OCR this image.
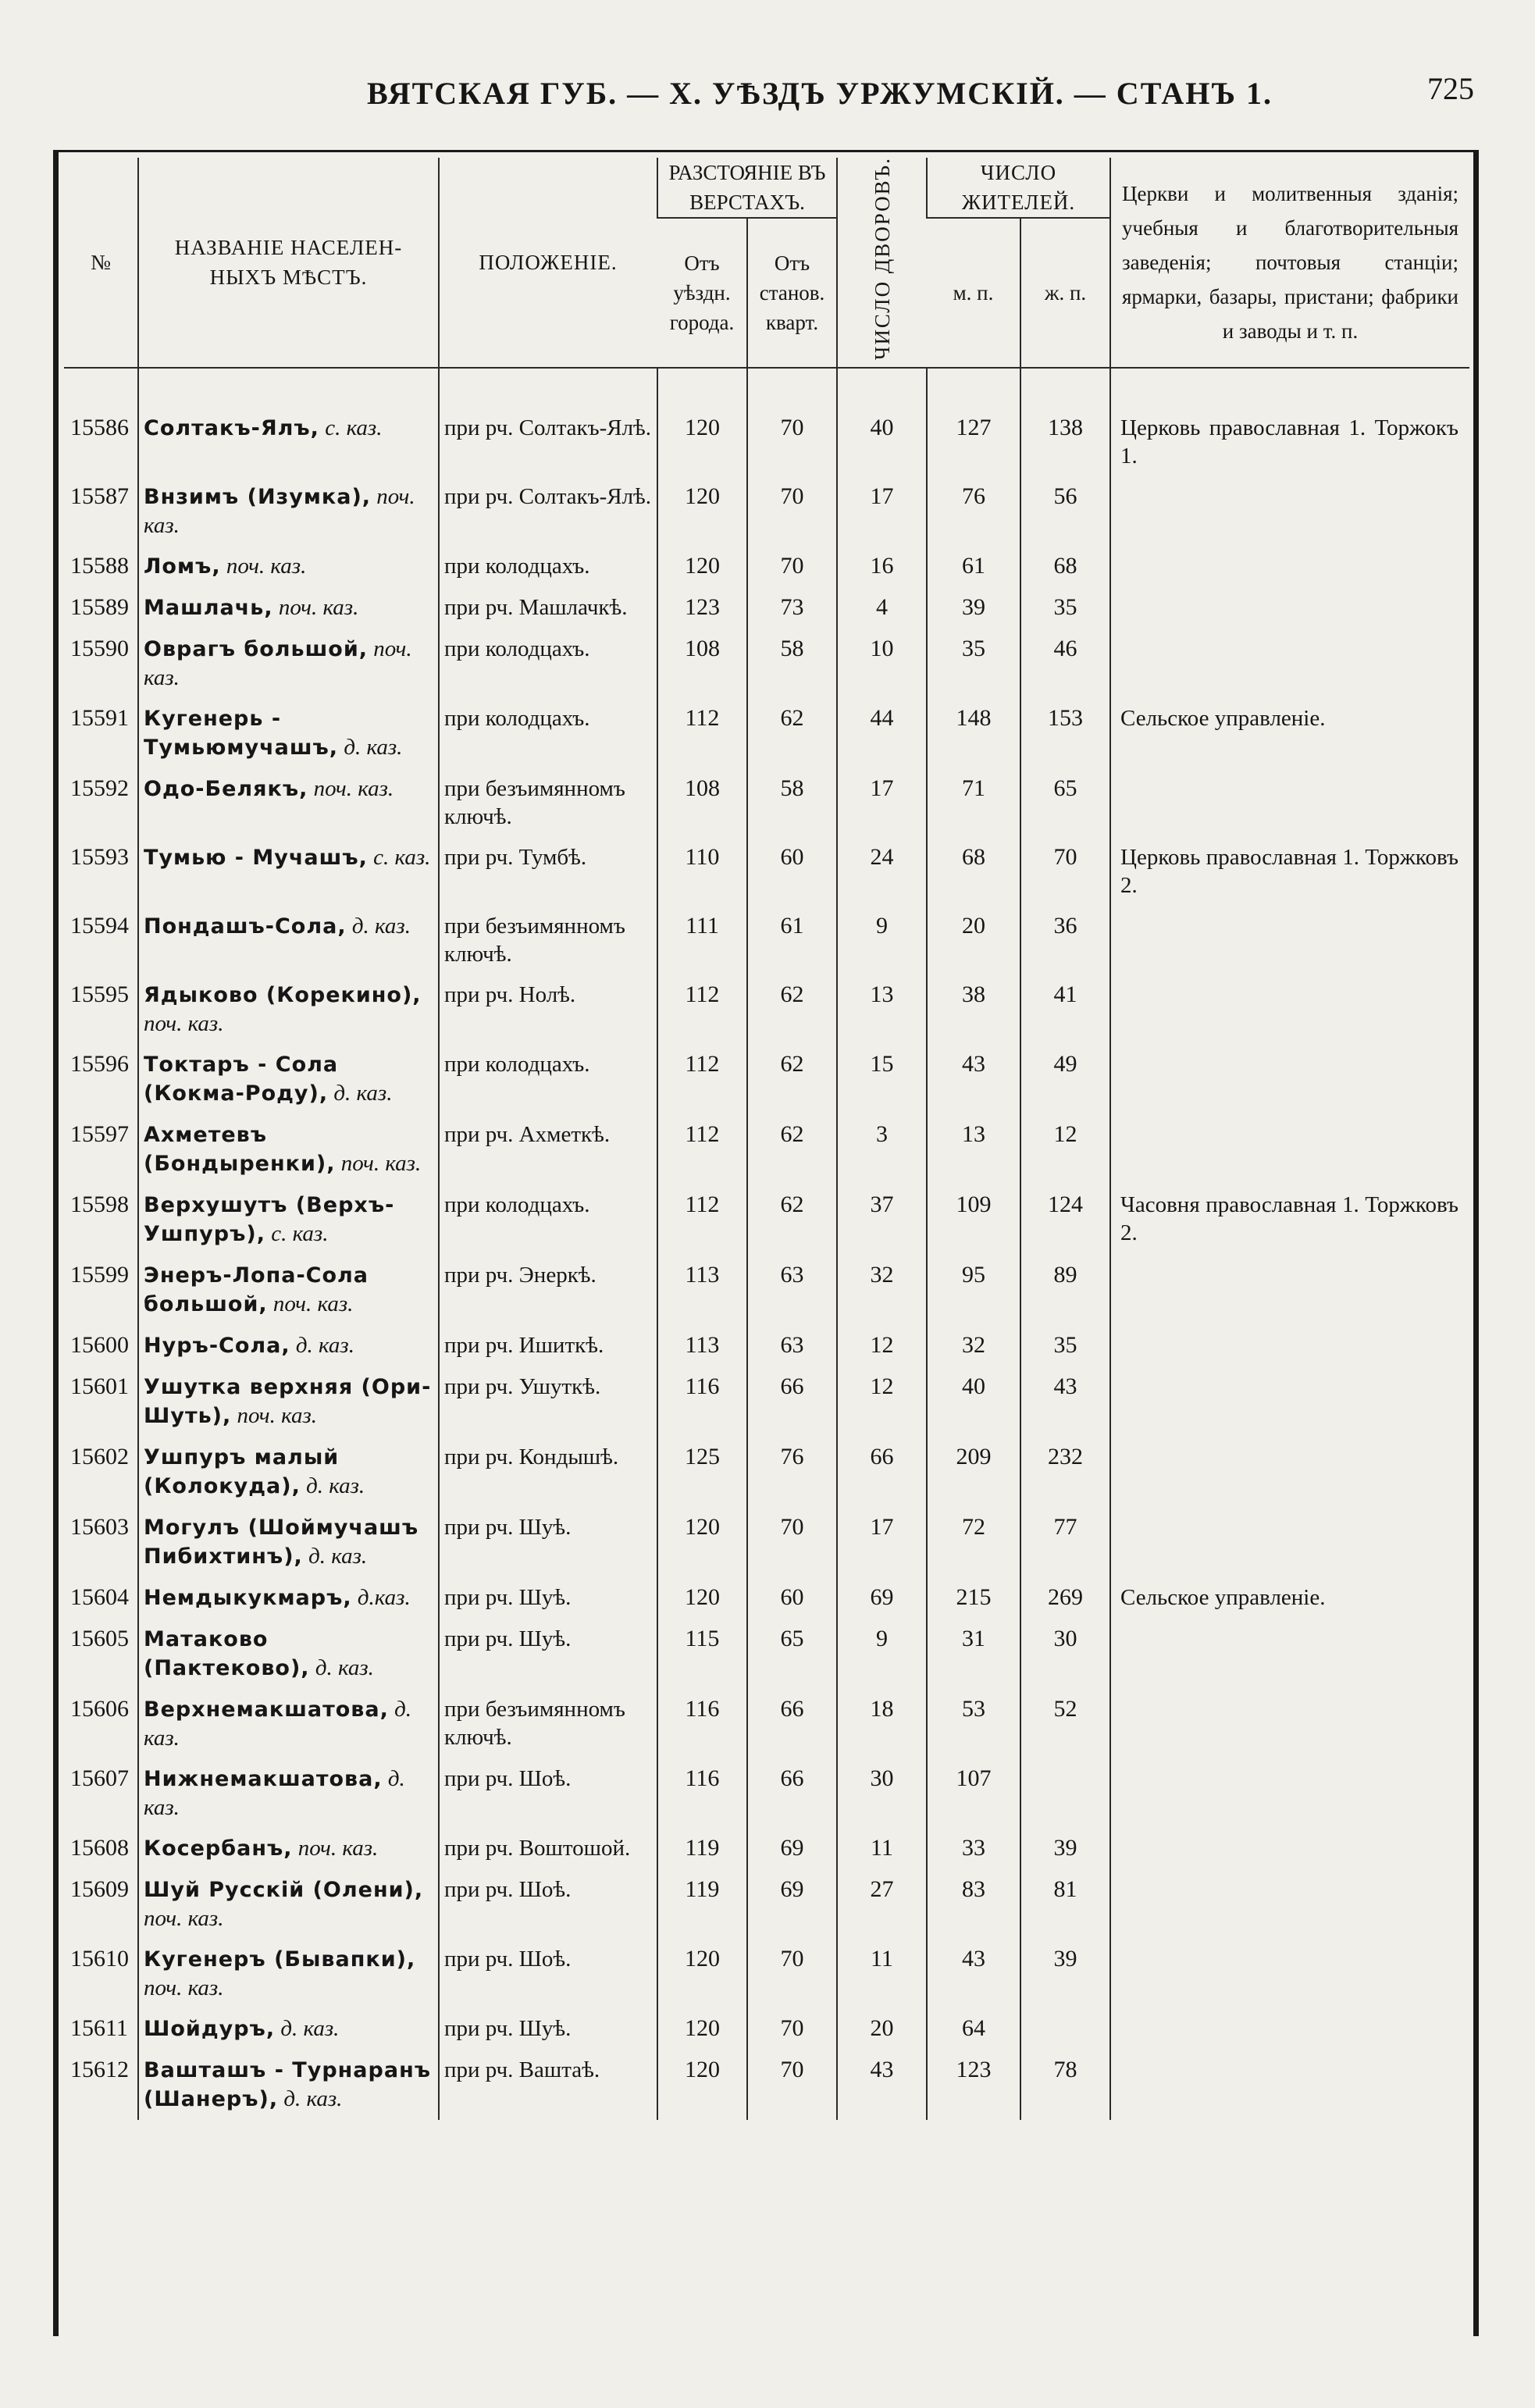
ВЯТСКАЯ ГУБ. — X. УѢЗДЪ УРЖУМСКІЙ. — СТАНЪ 1.	725
№	НАЗВАНІЕ НАСЕЛЕН-НЫХЪ МѢСТЪ.	ПОЛОЖЕНІЕ.	РАЗСТОЯНІЕ ВЪ ВЕРСТАХЪ.		ЧИСЛО ДВОРОВЪ.	ЧИСЛО ЖИТЕЛЕЙ.		Церкви и молитвенныя зданія; учебныя и благотворительныя заведенія; почтовыя станціи; ярмарки, базары, пристани; фабрики и заводы и т. п.
			Отъ уѣздн. города.	Отъ станов. кварт.				
						м. п.	ж. п.	

15586	Солтакъ-Ялъ, с. каз.	при рч. Солтакъ-Ялѣ.	120	70	40	127	138	Церковь православная 1. Торжокъ 1.
15587	Внзимъ (Изумка), поч. каз.	при рч. Солтакъ-Ялѣ.	120	70	17	76	56	
15588	Ломъ, поч. каз.	при колодцахъ.	120	70	16	61	68	
15589	Машлачь, поч. каз.	при рч. Машлачкѣ.	123	73	4	39	35	
15590	Оврагъ большой, поч. каз.	при колодцахъ.	108	58	10	35	46	
15591	Кугенерь - Тумьюмучашъ, д. каз.	при колодцахъ.	112	62	44	148	153	Сельское управленіе.
15592	Одо-Белякъ, поч. каз.	при безъимянномъ ключѣ.	108	58	17	71	65	
15593	Тумью - Мучашъ, с. каз.	при рч. Тумбѣ.	110	60	24	68	70	Церковь православная 1. Торжковъ 2.
15594	Пондашъ-Сола, д. каз.	при безъимянномъ ключѣ.	111	61	9	20	36	
15595	Ядыково (Корекино), поч. каз.	при рч. Нолѣ.	112	62	13	38	41	
15596	Токтаръ - Сола (Кокма-Роду), д. каз.	при колодцахъ.	112	62	15	43	49	
15597	Ахметевъ (Бондыренки), поч. каз.	при рч. Ахметкѣ.	112	62	3	13	12	
15598	Верхушутъ (Верхъ-Ушпуръ), с. каз.	при колодцахъ.	112	62	37	109	124	Часовня православная 1. Торжковъ 2.
15599	Энеръ-Лопа-Сола большой, поч. каз.	при рч. Энеркѣ.	113	63	32	95	89	
15600	Нуръ-Сола, д. каз.	при рч. Ишиткѣ.	113	63	12	32	35	
15601	Ушутка верхняя (Ори-Шуть), поч. каз.	при рч. Ушуткѣ.	116	66	12	40	43	
15602	Ушпуръ малый (Колокуда), д. каз.	при рч. Кондышѣ.	125	76	66	209	232	
15603	Могулъ (Шоймучашъ Пибихтинъ), д. каз.	при рч. Шуѣ.	120	70	17	72	77	
15604	Немдыкукмаръ, д.каз.	при рч. Шуѣ.	120	60	69	215	269	Сельское управленіе.
15605	Матаково (Пактеково), д. каз.	при рч. Шуѣ.	115	65	9	31	30	
15606	Верхнемакшатова, д. каз.	при безъимянномъ ключѣ.	116	66	18	53	52	
15607	Нижнемакшатова, д. каз.	при рч. Шоѣ.	116	66	30	107		
15608	Косербанъ, поч. каз.	при рч. Воштошой.	119	69	11	33	39	
15609	Шуй Русскій (Олени), поч. каз.	при рч. Шоѣ.	119	69	27	83	81	
15610	Кугенеръ (Бывапки), поч. каз.	при рч. Шоѣ.	120	70	11	43	39	
15611	Шойдуръ, д. каз.	при рч. Шуѣ.	120	70	20	64		
15612	Вашташъ - Турнаранъ (Шанеръ), д. каз.	при рч. Ваштаѣ.	120	70	43	123	78	
